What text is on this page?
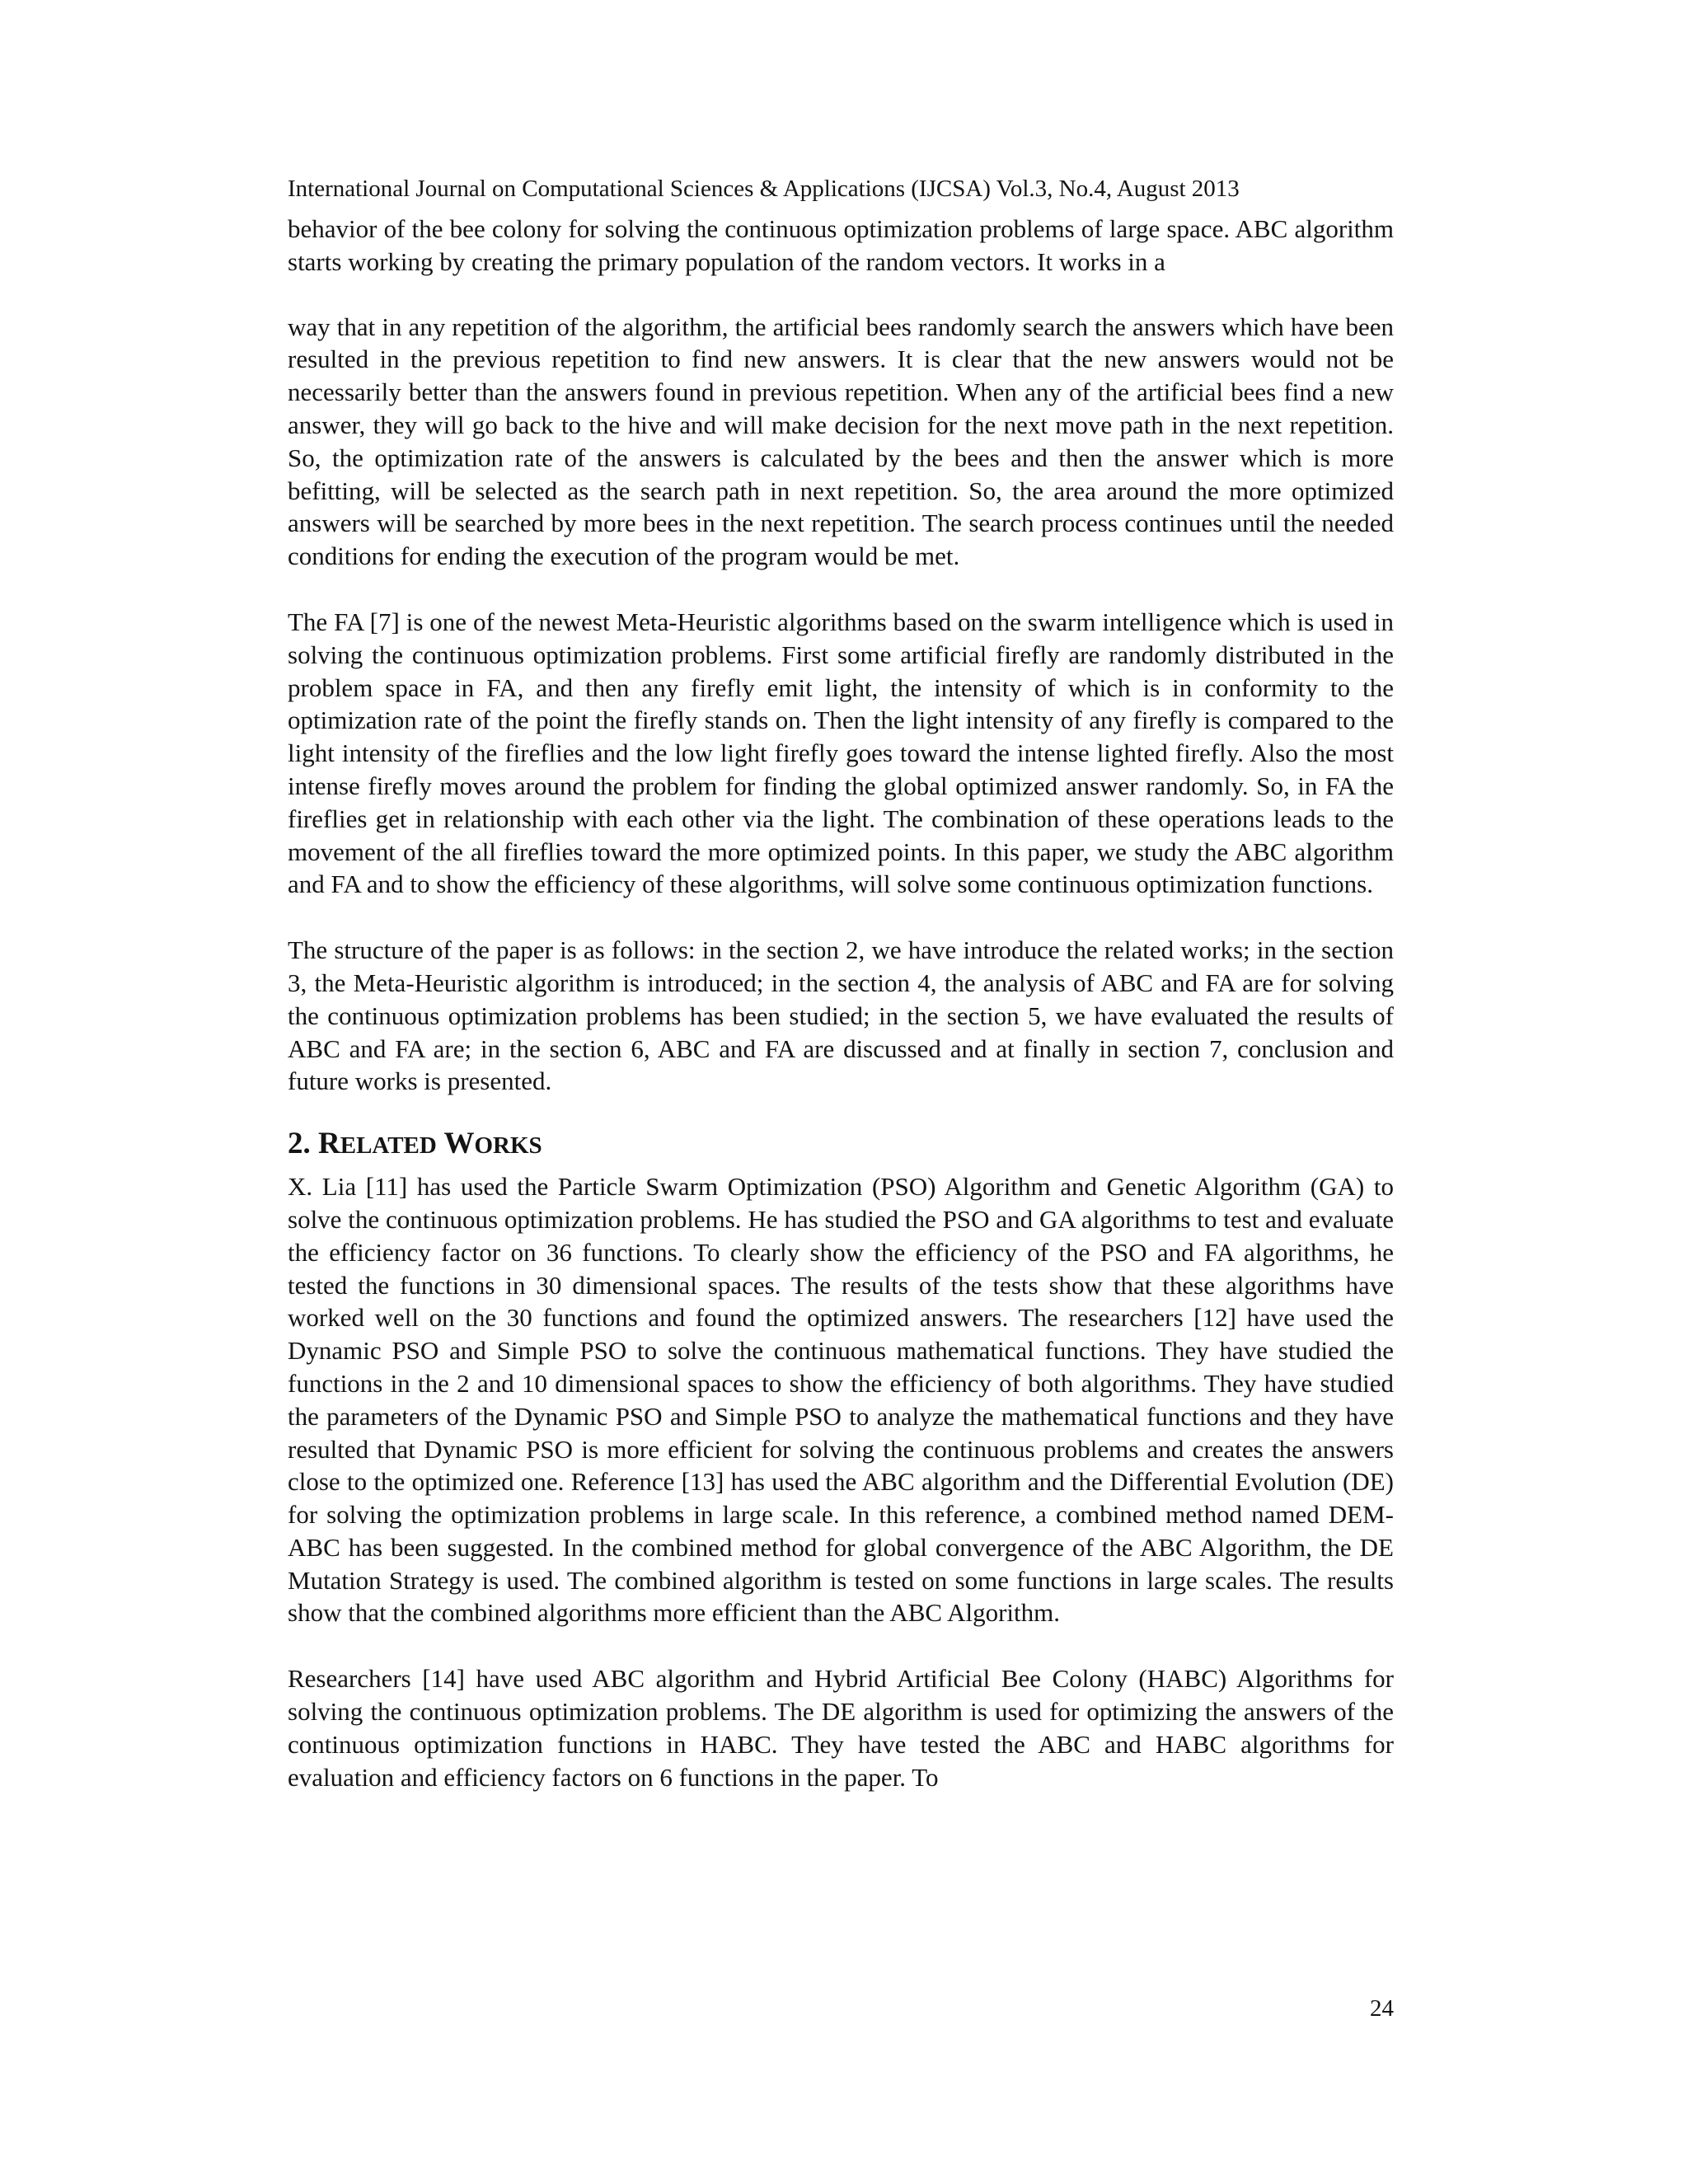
International Journal on Computational Sciences & Applications (IJCSA) Vol.3, No.4, August 2013

behavior of the bee colony for solving the continuous optimization problems of large space. ABC algorithm starts working by creating the primary population of the random vectors. It works in a

way that in any repetition of the algorithm, the artificial bees randomly search the answers which have been resulted in the previous repetition to find new answers. It is clear that the new answers would not be necessarily better than the answers found in previous repetition. When any of the artificial bees find a new answer, they will go back to the hive and will make decision for the next move path in the next repetition. So, the optimization rate of the answers is calculated by the bees and then the answer which is more befitting, will be selected as the search path in next repetition. So, the area around the more optimized answers will be searched by more bees in the next repetition. The search process continues until the needed conditions for ending the execution of the program would be met.

The FA [7] is one of the newest Meta-Heuristic algorithms based on the swarm intelligence which is used in solving the continuous optimization problems. First some artificial firefly are randomly distributed in the problem space in FA, and then any firefly emit light, the intensity of which is in conformity to the optimization rate of the point the firefly stands on. Then the light intensity of any firefly is compared to the light intensity of the fireflies and the low light firefly goes toward the intense lighted firefly. Also the most intense firefly moves around the problem for finding the global optimized answer randomly. So, in FA the fireflies get in relationship with each other via the light. The combination of these operations leads to the movement of the all fireflies toward the more optimized points. In this paper, we study the ABC algorithm and FA and to show the efficiency of these algorithms, will solve some continuous optimization functions.

The structure of the paper is as follows: in the section 2, we have introduce the related works; in the section 3, the Meta-Heuristic algorithm is introduced; in the section 4, the analysis of ABC and FA are for solving the continuous optimization problems has been studied; in the section 5, we have evaluated the results of ABC and FA are; in the section 6, ABC and FA are discussed and at finally in section 7, conclusion and future works is presented.

2. RELATED WORKS

X. Lia [11] has used the Particle Swarm Optimization (PSO) Algorithm and Genetic Algorithm (GA) to solve the continuous optimization problems. He has studied the PSO and GA algorithms to test and evaluate the efficiency factor on 36 functions. To clearly show the efficiency of the PSO and FA algorithms, he tested the functions in 30 dimensional spaces. The results of the tests show that these algorithms have worked well on the 30 functions and found the optimized answers. The researchers [12] have used the Dynamic PSO and Simple PSO to solve the continuous mathematical functions. They have studied the functions in the 2 and 10 dimensional spaces to show the efficiency of both algorithms. They have studied the parameters of the Dynamic PSO and Simple PSO to analyze the mathematical functions and they have resulted that Dynamic PSO is more efficient for solving the continuous problems and creates the answers close to the optimized one. Reference [13] has used the ABC algorithm and the Differential Evolution (DE) for solving the optimization problems in large scale. In this reference, a combined method named DEM-ABC has been suggested. In the combined method for global convergence of the ABC Algorithm, the DE Mutation Strategy is used. The combined algorithm is tested on some functions in large scales. The results show that the combined algorithms more efficient than the ABC Algorithm.

Researchers [14] have used ABC algorithm and Hybrid Artificial Bee Colony (HABC) Algorithms for solving the continuous optimization problems. The DE algorithm is used for optimizing the answers of the continuous optimization functions in HABC. They have tested the ABC and HABC algorithms for evaluation and efficiency factors on 6 functions in the paper. To

24
